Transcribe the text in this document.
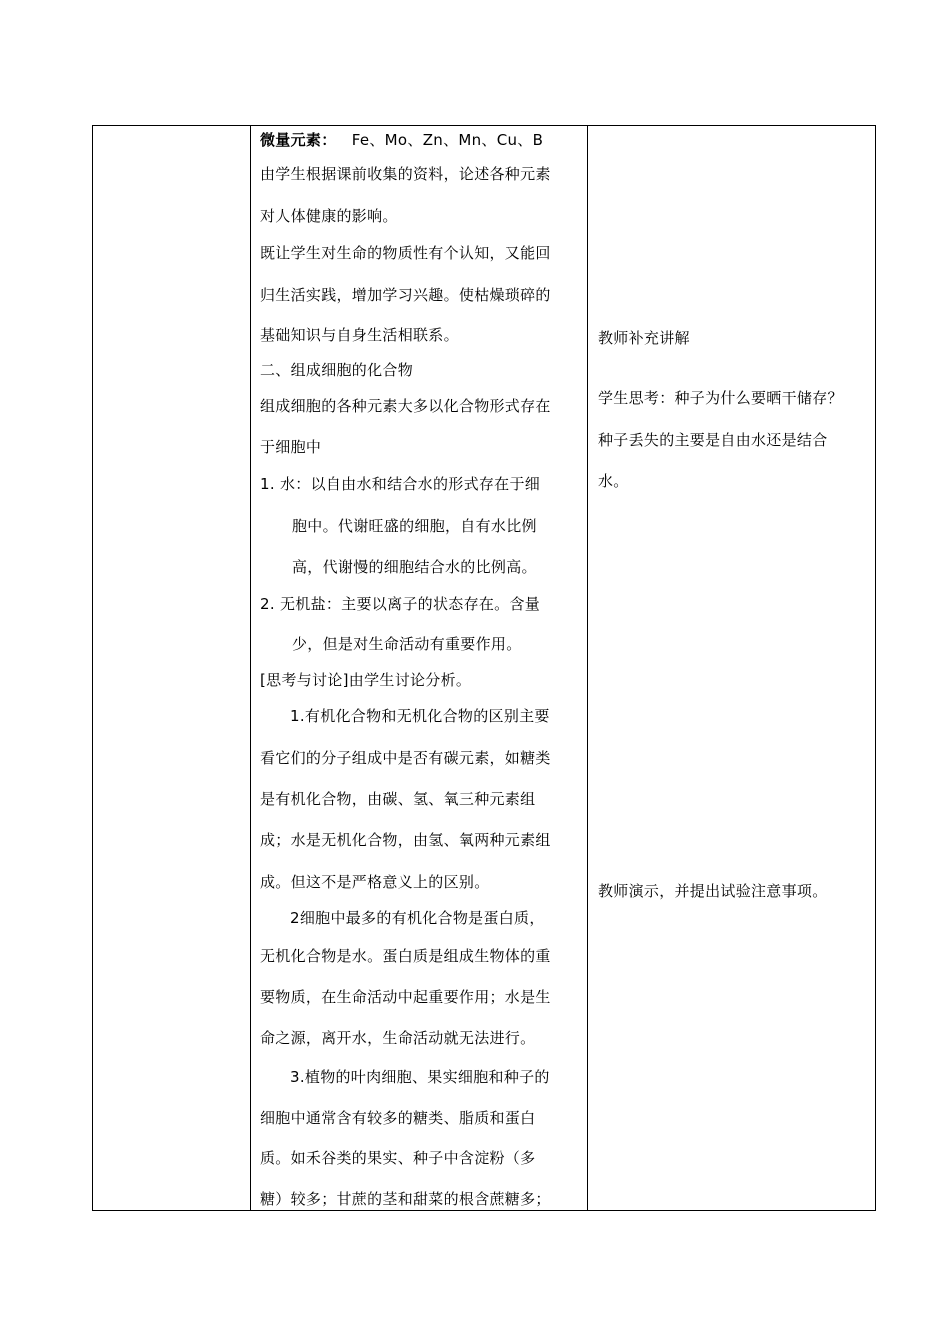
微量元素： Fe、Mo、Zn、Mn、Cu、B
由学生根据课前收集的资料，论述各种元素
对人体健康的影响。
既让学生对生命的物质性有个认知，又能回
归生活实践，增加学习兴趣。使枯燥琐碎的
基础知识与自身生活相联系。
二、组成细胞的化合物
组成细胞的各种元素大多以化合物形式存在
于细胞中
1. 水：以自由水和结合水的形式存在于细
胞中。代谢旺盛的细胞，自有水比例
高，代谢慢的细胞结合水的比例高。
2. 无机盐：主要以离子的状态存在。含量
少，但是对生命活动有重要作用。
[思考与讨论]由学生讨论分析。
1.有机化合物和无机化合物的区别主要
看它们的分子组成中是否有碳元素，如糖类
是有机化合物，由碳、氢、氧三种元素组
成；水是无机化合物，由氢、氧两种元素组
成。但这不是严格意义上的区别。
2细胞中最多的有机化合物是蛋白质，
无机化合物是水。蛋白质是组成生物体的重
要物质，在生命活动中起重要作用；水是生
命之源，离开水，生命活动就无法进行。
3.植物的叶肉细胞、果实细胞和种子的
细胞中通常含有较多的糖类、脂质和蛋白
质。如禾谷类的果实、种子中含淀粉（多
糖）较多；甘蔗的茎和甜菜的根含蔗糖多；
教师补充讲解
学生思考：种子为什么要晒干储存？
种子丢失的主要是自由水还是结合
水。
教师演示，并提出试验注意事项。
